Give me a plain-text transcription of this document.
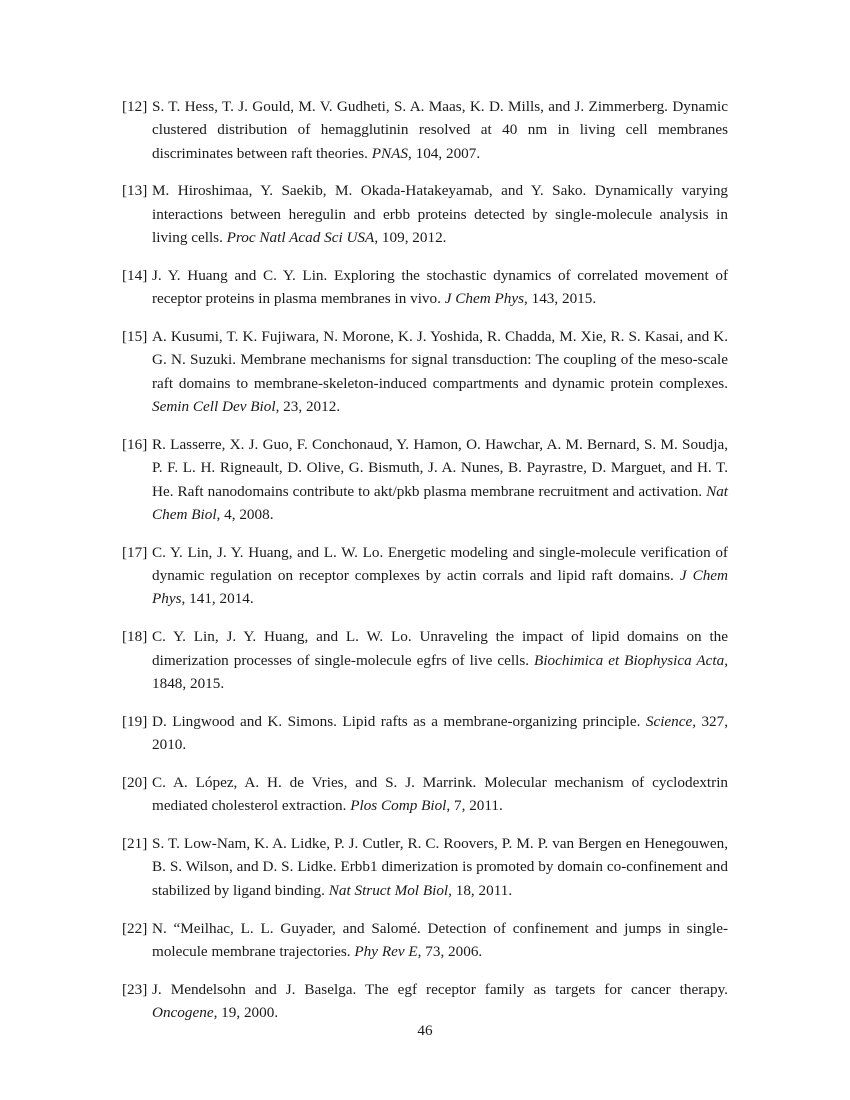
[12] S. T. Hess, T. J. Gould, M. V. Gudheti, S. A. Maas, K. D. Mills, and J. Zimmerberg. Dynamic clustered distribution of hemagglutinin resolved at 40 nm in living cell membranes discriminates between raft theories. PNAS, 104, 2007.
[13] M. Hiroshimaa, Y. Saekib, M. Okada-Hatakeyamab, and Y. Sako. Dynamically varying interactions between heregulin and erbb proteins detected by single-molecule analysis in living cells. Proc Natl Acad Sci USA, 109, 2012.
[14] J. Y. Huang and C. Y. Lin. Exploring the stochastic dynamics of correlated movement of receptor proteins in plasma membranes in vivo. J Chem Phys, 143, 2015.
[15] A. Kusumi, T. K. Fujiwara, N. Morone, K. J. Yoshida, R. Chadda, M. Xie, R. S. Kasai, and K. G. N. Suzuki. Membrane mechanisms for signal transduction: The coupling of the meso-scale raft domains to membrane-skeleton-induced compartments and dynamic protein complexes. Semin Cell Dev Biol, 23, 2012.
[16] R. Lasserre, X. J. Guo, F. Conchonaud, Y. Hamon, O. Hawchar, A. M. Bernard, S. M. Soudja, P. F. L. H. Rigneault, D. Olive, G. Bismuth, J. A. Nunes, B. Payrastre, D. Marguet, and H. T. He. Raft nanodomains contribute to akt/pkb plasma membrane recruitment and activation. Nat Chem Biol, 4, 2008.
[17] C. Y. Lin, J. Y. Huang, and L. W. Lo. Energetic modeling and single-molecule verification of dynamic regulation on receptor complexes by actin corrals and lipid raft domains. J Chem Phys, 141, 2014.
[18] C. Y. Lin, J. Y. Huang, and L. W. Lo. Unraveling the impact of lipid domains on the dimerization processes of single-molecule egfrs of live cells. Biochimica et Biophysica Acta, 1848, 2015.
[19] D. Lingwood and K. Simons. Lipid rafts as a membrane-organizing principle. Science, 327, 2010.
[20] C. A. López, A. H. de Vries, and S. J. Marrink. Molecular mechanism of cyclodextrin mediated cholesterol extraction. Plos Comp Biol, 7, 2011.
[21] S. T. Low-Nam, K. A. Lidke, P. J. Cutler, R. C. Roovers, P. M. P. van Bergen en Henegouwen, B. S. Wilson, and D. S. Lidke. Erbb1 dimerization is promoted by domain co-confinement and stabilized by ligand binding. Nat Struct Mol Biol, 18, 2011.
[22] N. “Meilhac, L. L. Guyader, and Salomé. Detection of confinement and jumps in single-molecule membrane trajectories. Phy Rev E, 73, 2006.
[23] J. Mendelsohn and J. Baselga. The egf receptor family as targets for cancer therapy. Oncogene, 19, 2000.
46
